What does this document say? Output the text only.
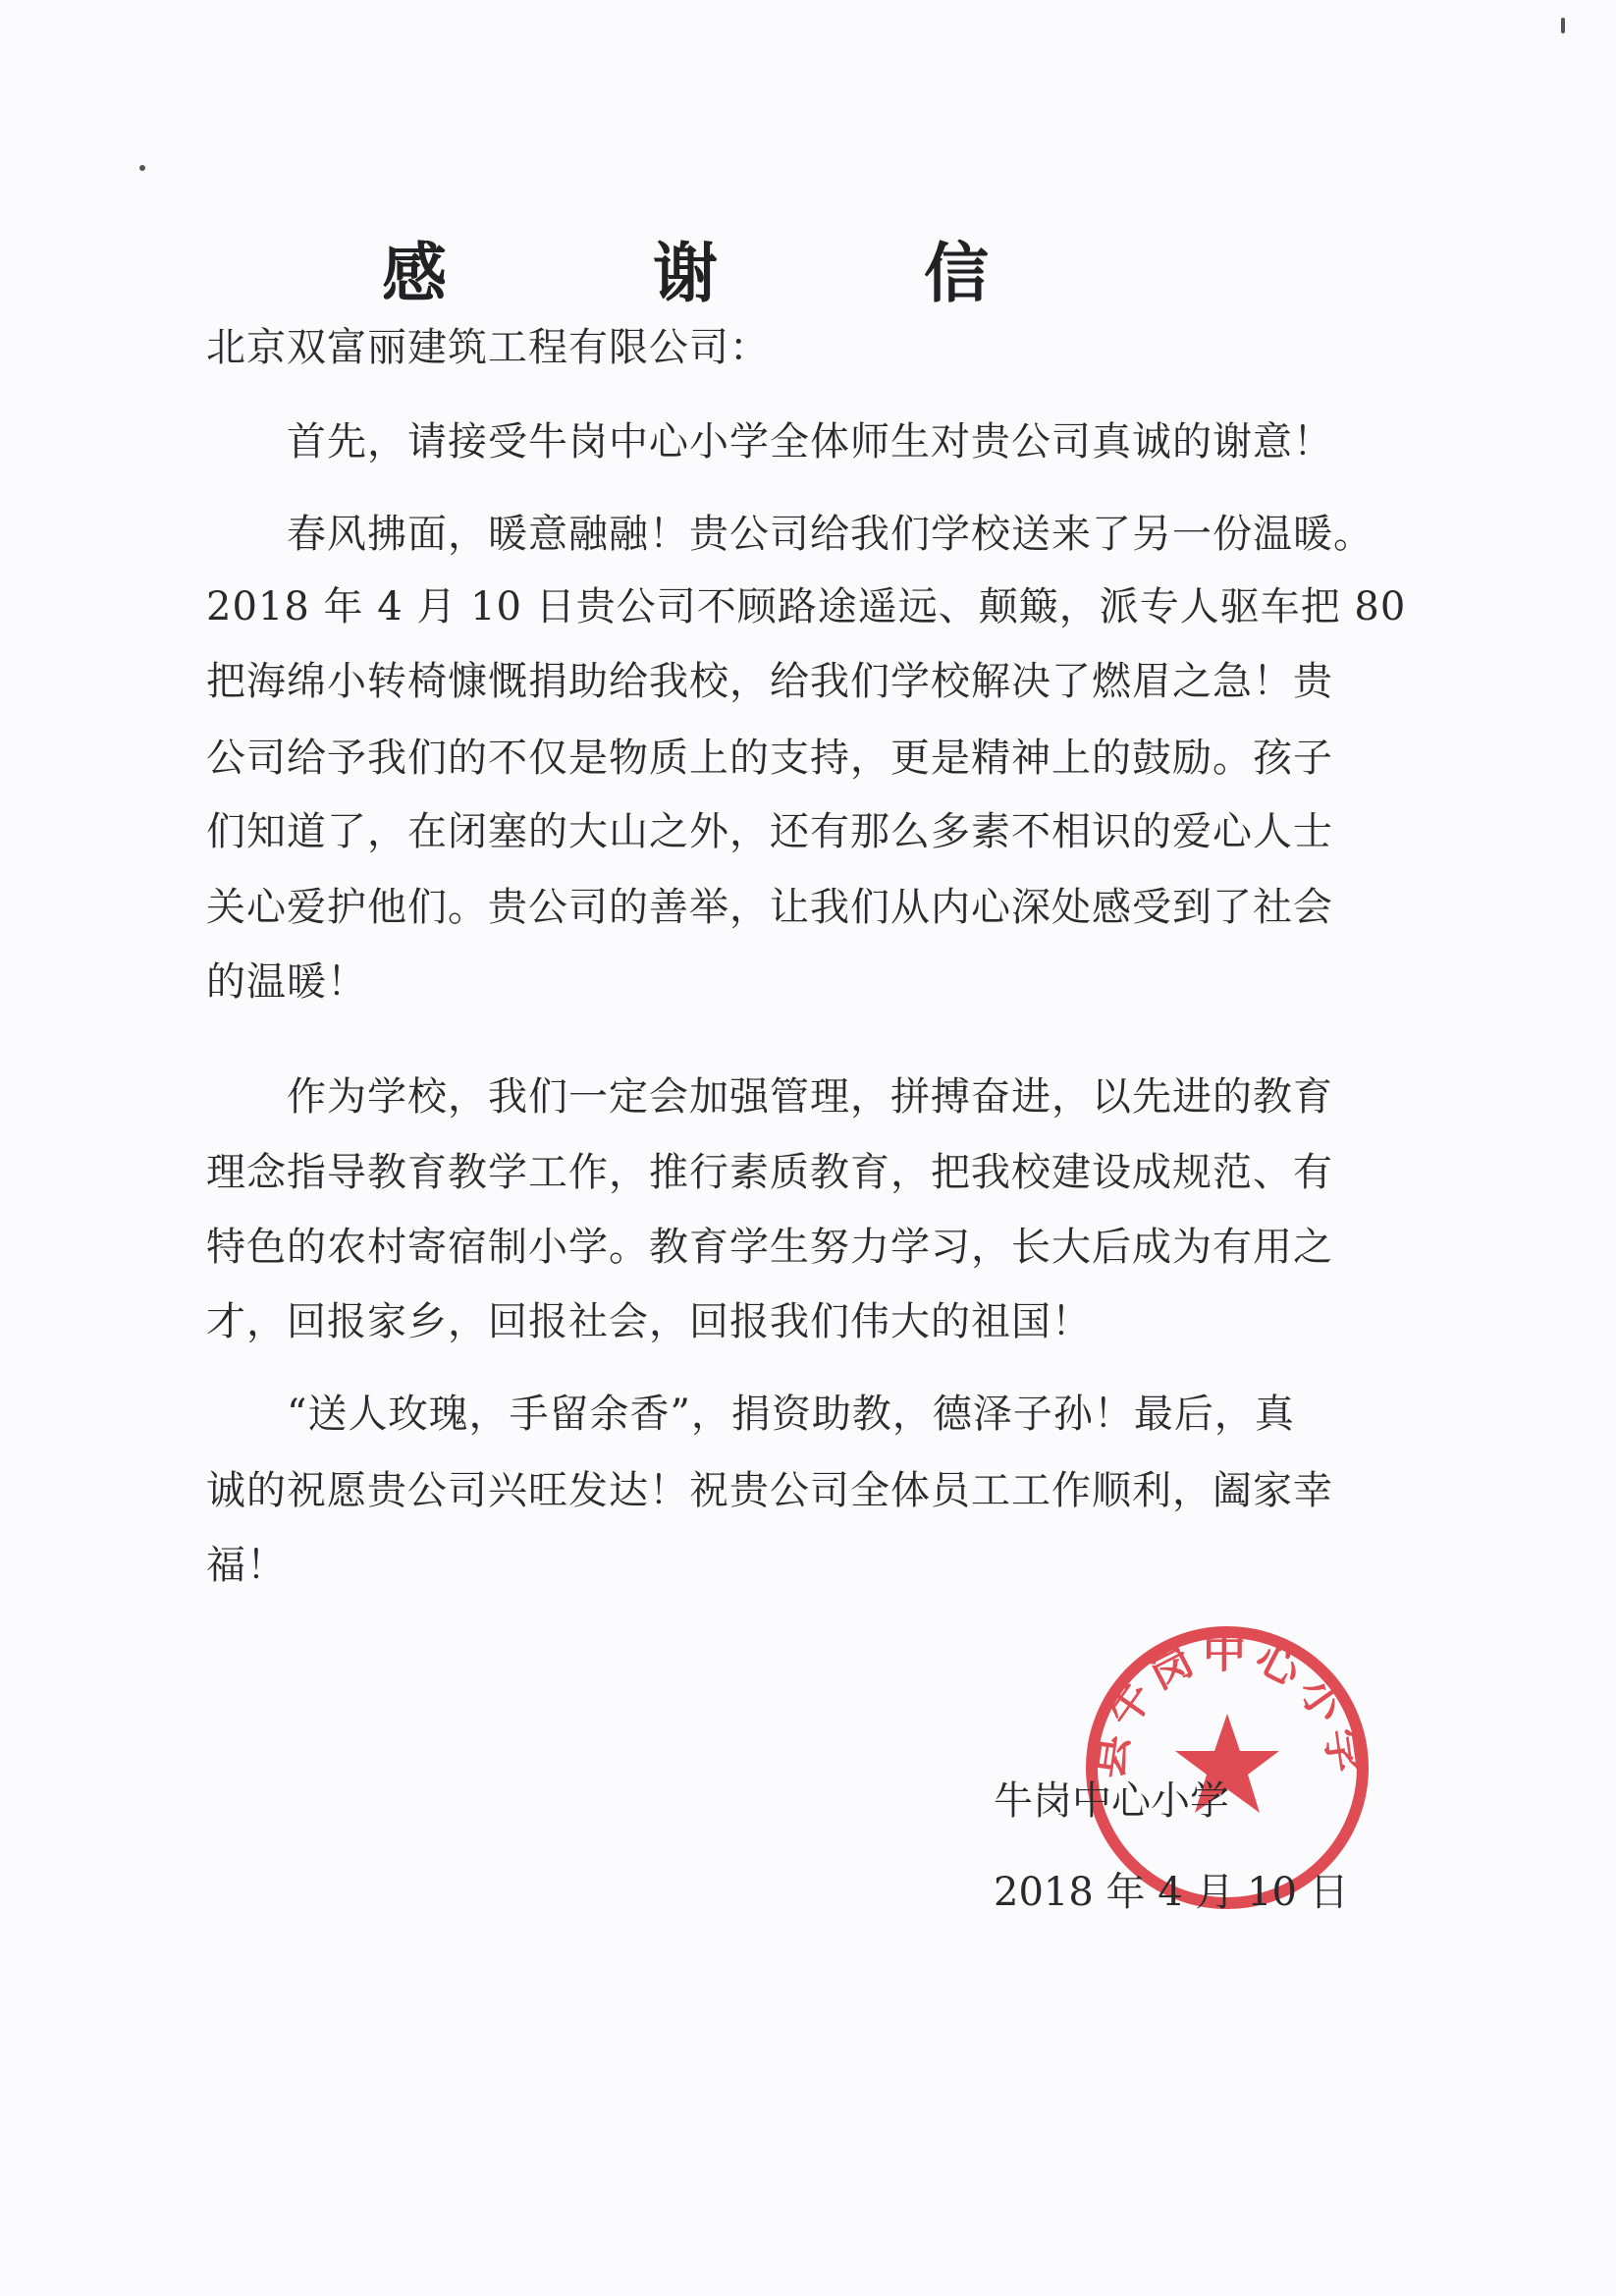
感　谢　信
北京双富丽建筑工程有限公司：
首先，请接受牛岗中心小学全体师生对贵公司真诚的谢意！
春风拂面，暖意融融！贵公司给我们学校送来了另一份温暖。
2018 年 4 月 10 日贵公司不顾路途遥远、颠簸，派专人驱车把 80
把海绵小转椅慷慨捐助给我校，给我们学校解决了燃眉之急！贵
公司给予我们的不仅是物质上的支持，更是精神上的鼓励。孩子
们知道了，在闭塞的大山之外，还有那么多素不相识的爱心人士
关心爱护他们。贵公司的善举，让我们从内心深处感受到了社会
的温暖！
作为学校，我们一定会加强管理，拼搏奋进，以先进的教育
理念指导教育教学工作，推行素质教育，把我校建设成规范、有
特色的农村寄宿制小学。教育学生努力学习，长大后成为有用之
才，回报家乡，回报社会，回报我们伟大的祖国！
“送人玫瑰，手留余香”，捐资助教，德泽子孙！最后，真
诚的祝愿贵公司兴旺发达！祝贵公司全体员工工作顺利，阖家幸
福！
县牛岗中心小学
牛岗中心小学
2018 年 4 月 10 日
